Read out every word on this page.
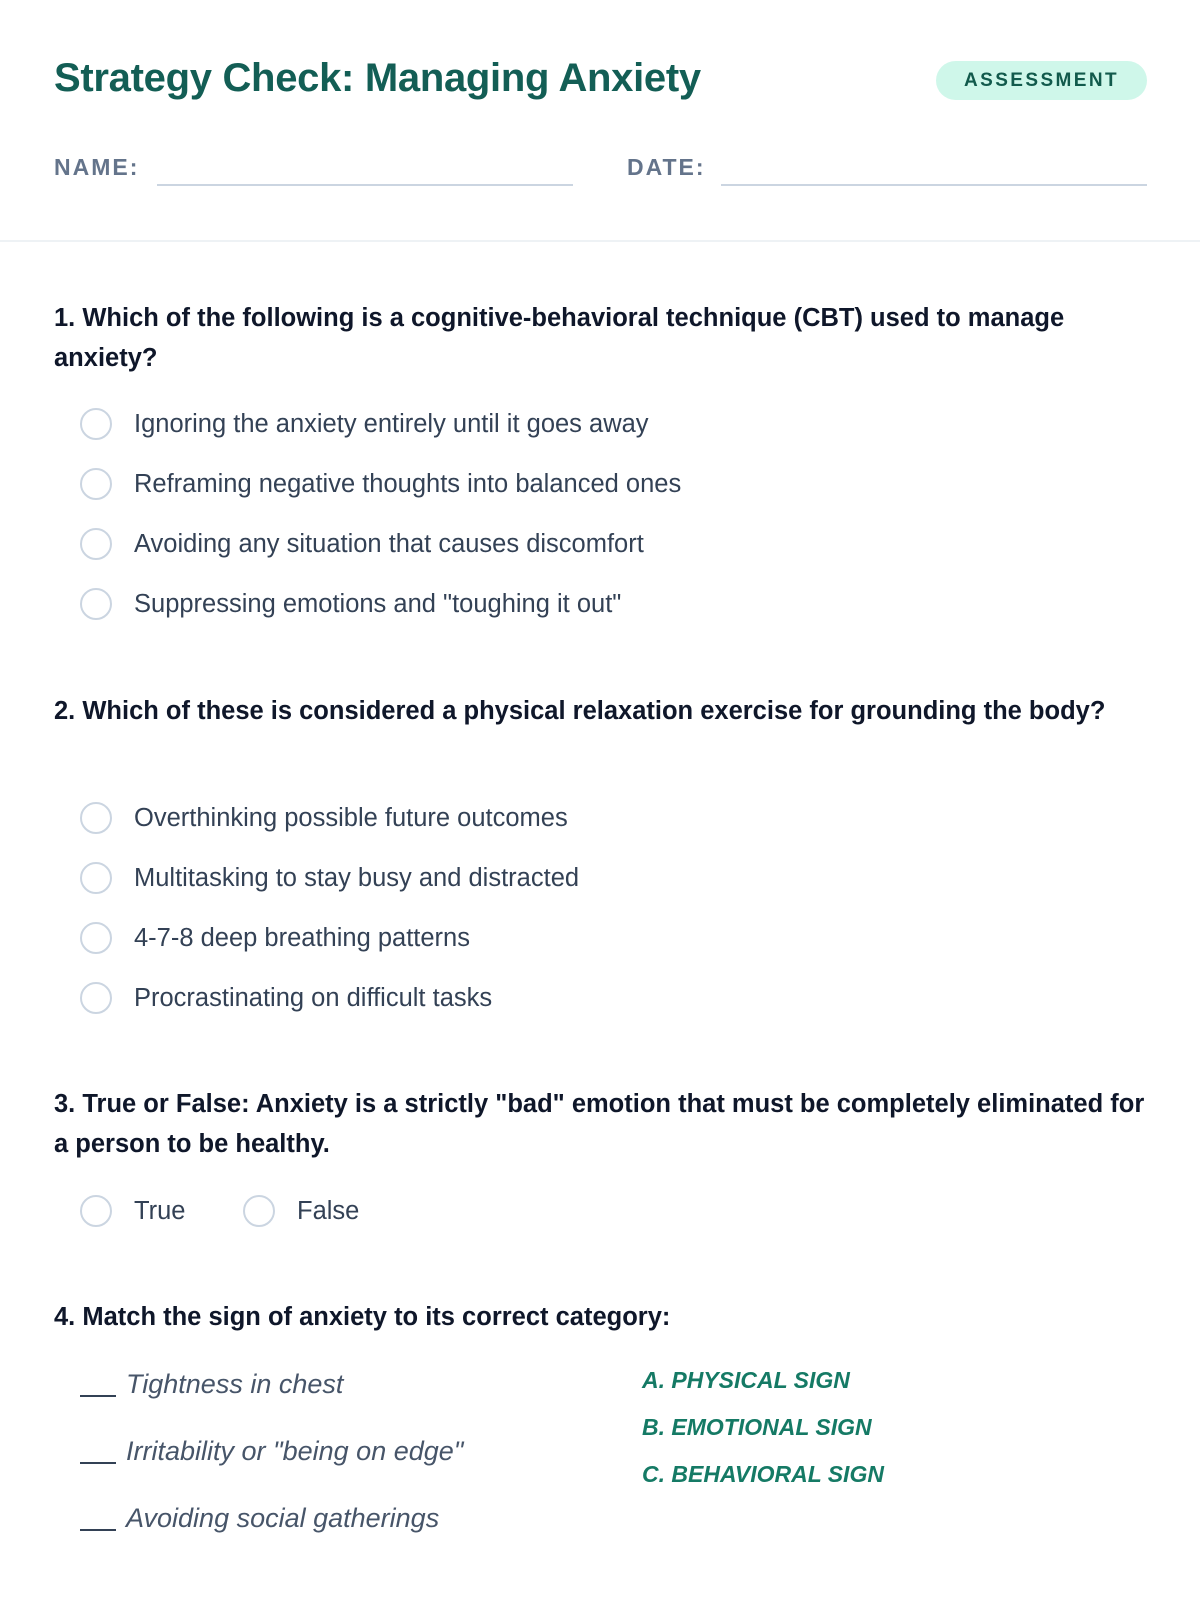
Strategy Check: Managing Anxiety	ASSESSMENT
NAME:	DATE:
1. Which of the following is a cognitive-behavioral technique (CBT) used to manage anxiety?
Ignoring the anxiety entirely until it goes away
Reframing negative thoughts into balanced ones
Avoiding any situation that causes discomfort
Suppressing emotions and "toughing it out"
2. Which of these is considered a physical relaxation exercise for grounding the body?
Overthinking possible future outcomes
Multitasking to stay busy and distracted
4-7-8 deep breathing patterns
Procrastinating on difficult tasks
3. True or False: Anxiety is a strictly "bad" emotion that must be completely eliminated for a person to be healthy.
True	False
4. Match the sign of anxiety to its correct category:
Tightness in chest
Irritability or "being on edge"
Avoiding social gatherings
A. PHYSICAL SIGN
B. EMOTIONAL SIGN
C. BEHAVIORAL SIGN
